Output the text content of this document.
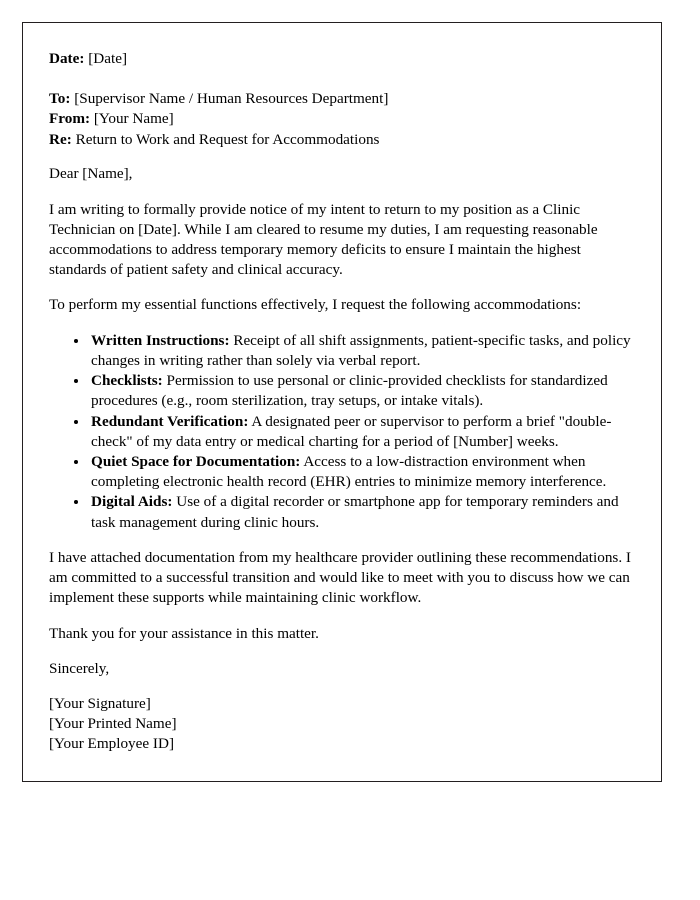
Date: [Date]

To: [Supervisor Name / Human Resources Department]

From: [Your Name]

Re: Return to Work and Request for Accommodations

Dear [Name],

I am writing to formally provide notice of my intent to return to my position as a Clinic Technician on [Date]. While I am cleared to resume my duties, I am requesting reasonable accommodations to address temporary memory deficits to ensure I maintain the highest standards of patient safety and clinical accuracy.

To perform my essential functions effectively, I request the following accommodations:

• Written Instructions: Receipt of all shift assignments, patient-specific tasks, and policy changes in writing rather than solely via verbal report.
• Checklists: Permission to use personal or clinic-provided checklists for standardized procedures (e.g., room sterilization, tray setups, or intake vitals).
• Redundant Verification: A designated peer or supervisor to perform a brief "double-check" of my data entry or medical charting for a period of [Number] weeks.
• Quiet Space for Documentation: Access to a low-distraction environment when completing electronic health record (EHR) entries to minimize memory interference.
• Digital Aids: Use of a digital recorder or smartphone app for temporary reminders and task management during clinic hours.

I have attached documentation from my healthcare provider outlining these recommendations. I am committed to a successful transition and would like to meet with you to discuss how we can implement these supports while maintaining clinic workflow.

Thank you for your assistance in this matter.

Sincerely,

[Your Signature]

[Your Printed Name]

[Your Employee ID]
